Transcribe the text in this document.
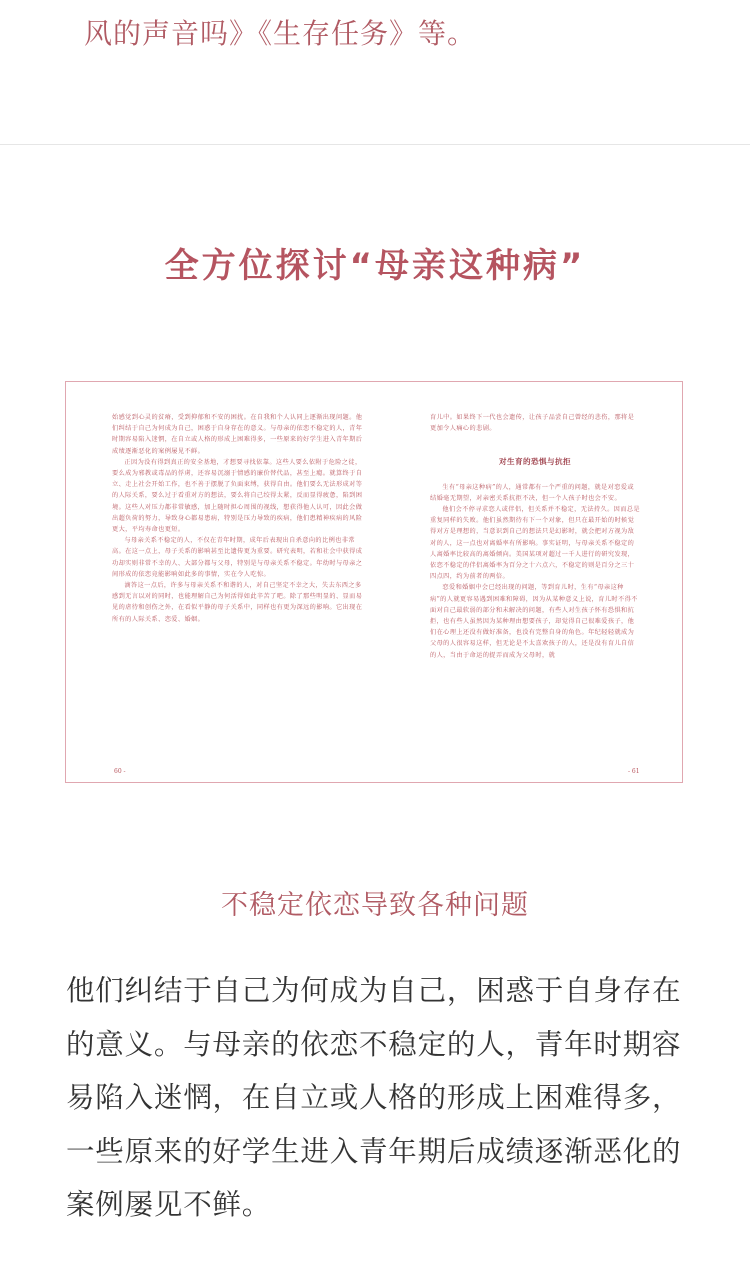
风的声音吗》《生存任务》等。
全方位探讨“母亲这种病”

始感觉到心灵的贫瘠，受到抑郁和不安的困扰。在自我和个人认同上逐渐出现问题。他们纠结于自己为何成为自己，困惑于自身存在的意义。与母亲的依恋不稳定的人，青年时期容易陷入迷惘，在自立或人格的形成上困难得多，一些原来的好学生进入青年期后成绩逐渐恶化的案例屡见不鲜。

正因为没有得到真正的安全基地，才想要寻找依靠。这些人要么依附于危险之徒，要么成为邪教或毒品的俘虏，还容易沉溺于情感的廉价替代品，甚至上瘾。就算终于自立、走上社会开始工作，也不善于摆脱了负面束缚，获得自由。他们要么无法形成对等的人际关系，要么过于看重对方的想法，要么将自己绞得太紧，反而显得疲惫，陷到困境。这些人对压力都非常敏感，加上随时担心周围的视线，想获得他人认可，因此会做出超负荷的努力，导致身心都易患病，特别是压力导致的疾病，他们患精神疾病的风险更大，平均寿命也更短。

与母亲关系不稳定的人，不仅在青年时期，成年后表现出自杀意向的比例也非常高。在这一点上，母子关系的影响甚至比遗传更为重要。研究表明，若和社会中获得成功却实则非常不幸的人、大部分都与父母，特别是与母亲关系不稳定。年幼时与母亲之间形成的依恋竟能影响如此多的事情，实在令人吃惊。

滴答这一点后，许多与母亲关系不和谐的人，对自己坚定不幸之大，失去东西之多感到无言以对的同时，也能理解自己为何活得如此辛苦了吧。除了那些明显的、显而易见的虐待和创伤之外，在看似平静的母子关系中，同样也有更为深远的影响。它出现在所有的人际关系、恋爱、婚姻。

育儿中。如果终下一代也会遗传，让孩子品尝自己曾经的悲伤，那将是更加令人痛心的悲剧。

对生育的恐惧与抗拒

生有“母亲这种病”的人，通常都有一个严重的问题，就是对恋爱或结婚毫无期望，对亲密关系抗拒不决，但一个人孩子时也会不安。

他们会不停寻求恋人或伴侣，但关系并不稳定，无法持久。因而总是重复同样的失败。他们虽然期待有下一个对象，但只在最开始的时候觉得对方是理想的，当意识到自己的想法只是幻影时，就会把对方视为敌对的人，这一点也对离婚率有所影响。事实证明，与母亲关系不稳定的人离婚率比较高的离婚倾向。美国某项对超过一千人进行的研究发现，依恋不稳定的伴侣离婚率为百分之十六点六，不稳定的则是百分之三十四点四，约为前者的两倍。

恋爱和婚姻中会已经出现的问题，等到育儿时，生有“母亲这种病”的人就更容易遇到困难和障碍，因为从某种意义上说，育儿时不得不面对自己最软弱的部分和未解决的问题，有些人对生孩子怀有恐惧和抗拒，也有些人虽然因为某种理由想要孩子，却觉得自己很难爱孩子，他们在心理上还没有做好准备，也没有完整自身的角色。年纪轻轻就成为父母的人很容易这样，但无论是不太喜欢孩子的人，还是没有育儿自信的人，当由于命运的捉弄而成为父母时，就

60 -	- 61
不稳定依恋导致各种问题

他们纠结于自己为何成为自己，困惑于自身存在的意义。与母亲的依恋不稳定的人，青年时期容易陷入迷惘，在自立或人格的形成上困难得多，一些原来的好学生进入青年期后成绩逐渐恶化的案例屡见不鲜。
